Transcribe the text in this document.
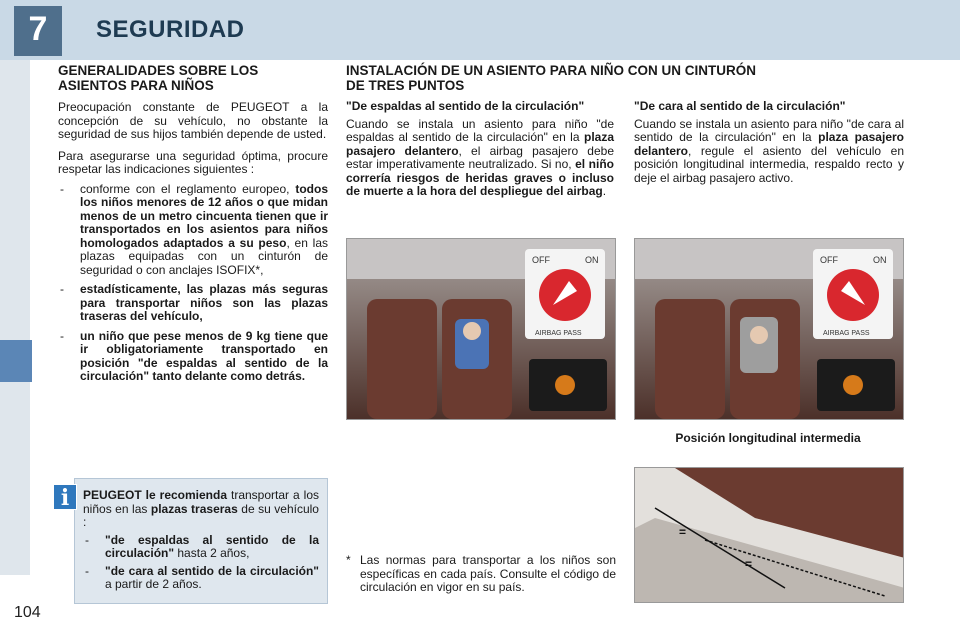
7	SEGURIDAD
104
GENERALIDADES SOBRE LOS
ASIENTOS PARA NIÑOS
Preocupación constante de PEUGEOT a la concepción de su vehículo, no obstante la seguridad de sus hijos también depende de usted.
Para asegurarse una seguridad óptima, procure respetar las indicaciones siguientes :
- conforme con el reglamento europeo, todos los niños menores de 12 años o que midan menos de un metro cincuenta tienen que ir transportados en los asientos para niños homologados adaptados a su peso, en las plazas equipadas con un cinturón de seguridad o con anclajes ISOFIX*,
- estadísticamente, las plazas más seguras para transportar niños son las plazas traseras del vehículo,
- un niño que pese menos de 9 kg tiene que ir obligatoriamente transportado en posición "de espaldas al sentido de la circulación" tanto delante como detrás.
PEUGEOT le recomienda transportar a los niños en las plazas traseras de su vehículo :
- "de espaldas al sentido de la circulación" hasta 2 años,
- "de cara al sentido de la circulación" a partir de 2 años.
i
INSTALACIÓN DE UN ASIENTO PARA NIÑO CON UN CINTURÓN
DE TRES PUNTOS
"De espaldas al sentido de la circulación"
Cuando se instala un asiento para niño "de espaldas al sentido de la circulación" en la plaza pasajero delantero, el airbag pasajero debe estar imperativamente neutralizado. Si no, el niño correría riesgos de heridas graves o incluso de muerte a la hora del despliegue del airbag.
"De cara al sentido de la circulación"
Cuando se instala un asiento para niño "de cara al sentido de la circulación" en la plaza pasajero delantero, regule el asiento del vehículo en posición longitudinal intermedia, respaldo recto y deje el airbag pasajero activo.
OFF	ON
AIRBAG PASS
OFF	ON
AIRBAG PASS
Posición longitudinal intermedia
=
=
* Las normas para transportar a los niños son específicas en cada país. Consulte el código de circulación en vigor en su país.
